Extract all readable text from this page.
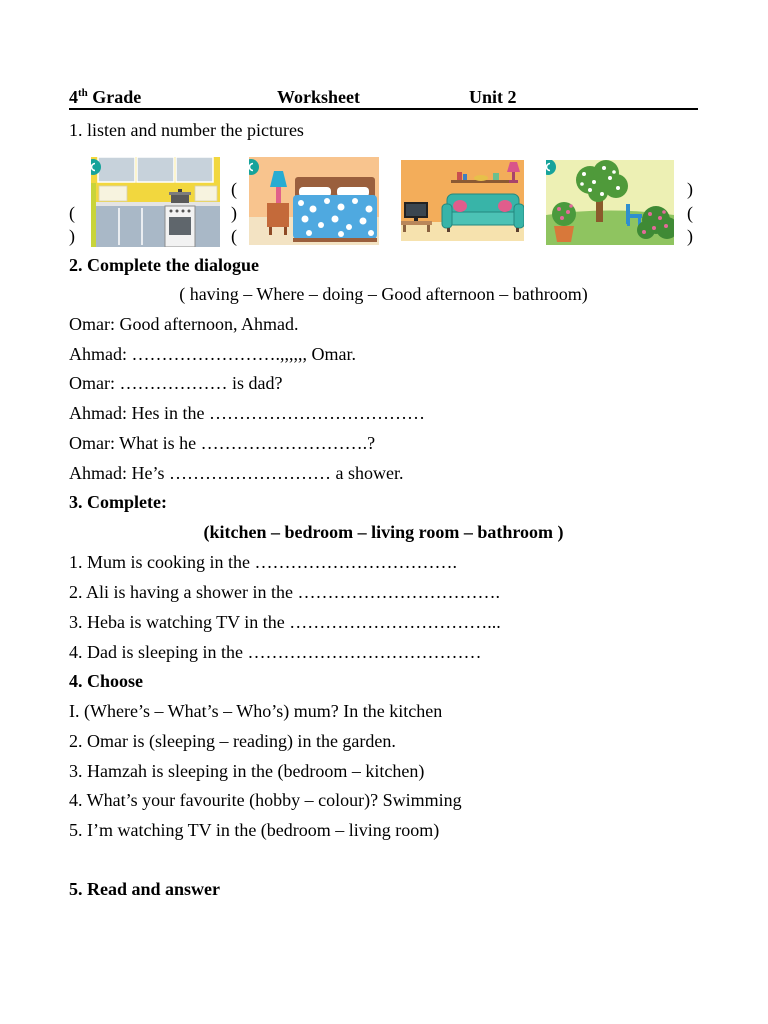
4th Grade	Worksheet	Unit 2
1. listen and number the pictures
(
)
(
)
(
)
(
)
2. Complete the dialogue
( having – Where – doing – Good afternoon – bathroom)
Omar: Good afternoon, Ahmad.
Ahmad: …………………….,,,,,, Omar.
Omar: ……………… is dad?
Ahmad: Hes in the ………………………………
Omar: What is he ……………………….?
Ahmad: He’s ……………………… a shower.
3. Complete:
(kitchen – bedroom – living room – bathroom )
1. Mum is cooking in the …………………………….
2. Ali is having a shower in the …………………………….
3. Heba is watching TV in the ……………………………...
4. Dad is sleeping in the …………………………………
4. Choose
I. (Where’s – What’s – Who’s) mum? In the kitchen
2. Omar is (sleeping – reading) in the garden.
3. Hamzah is sleeping in the (bedroom – kitchen)
4. What’s your favourite (hobby – colour)? Swimming
5. I’m watching TV in the (bedroom – living room)
5. Read and answer
